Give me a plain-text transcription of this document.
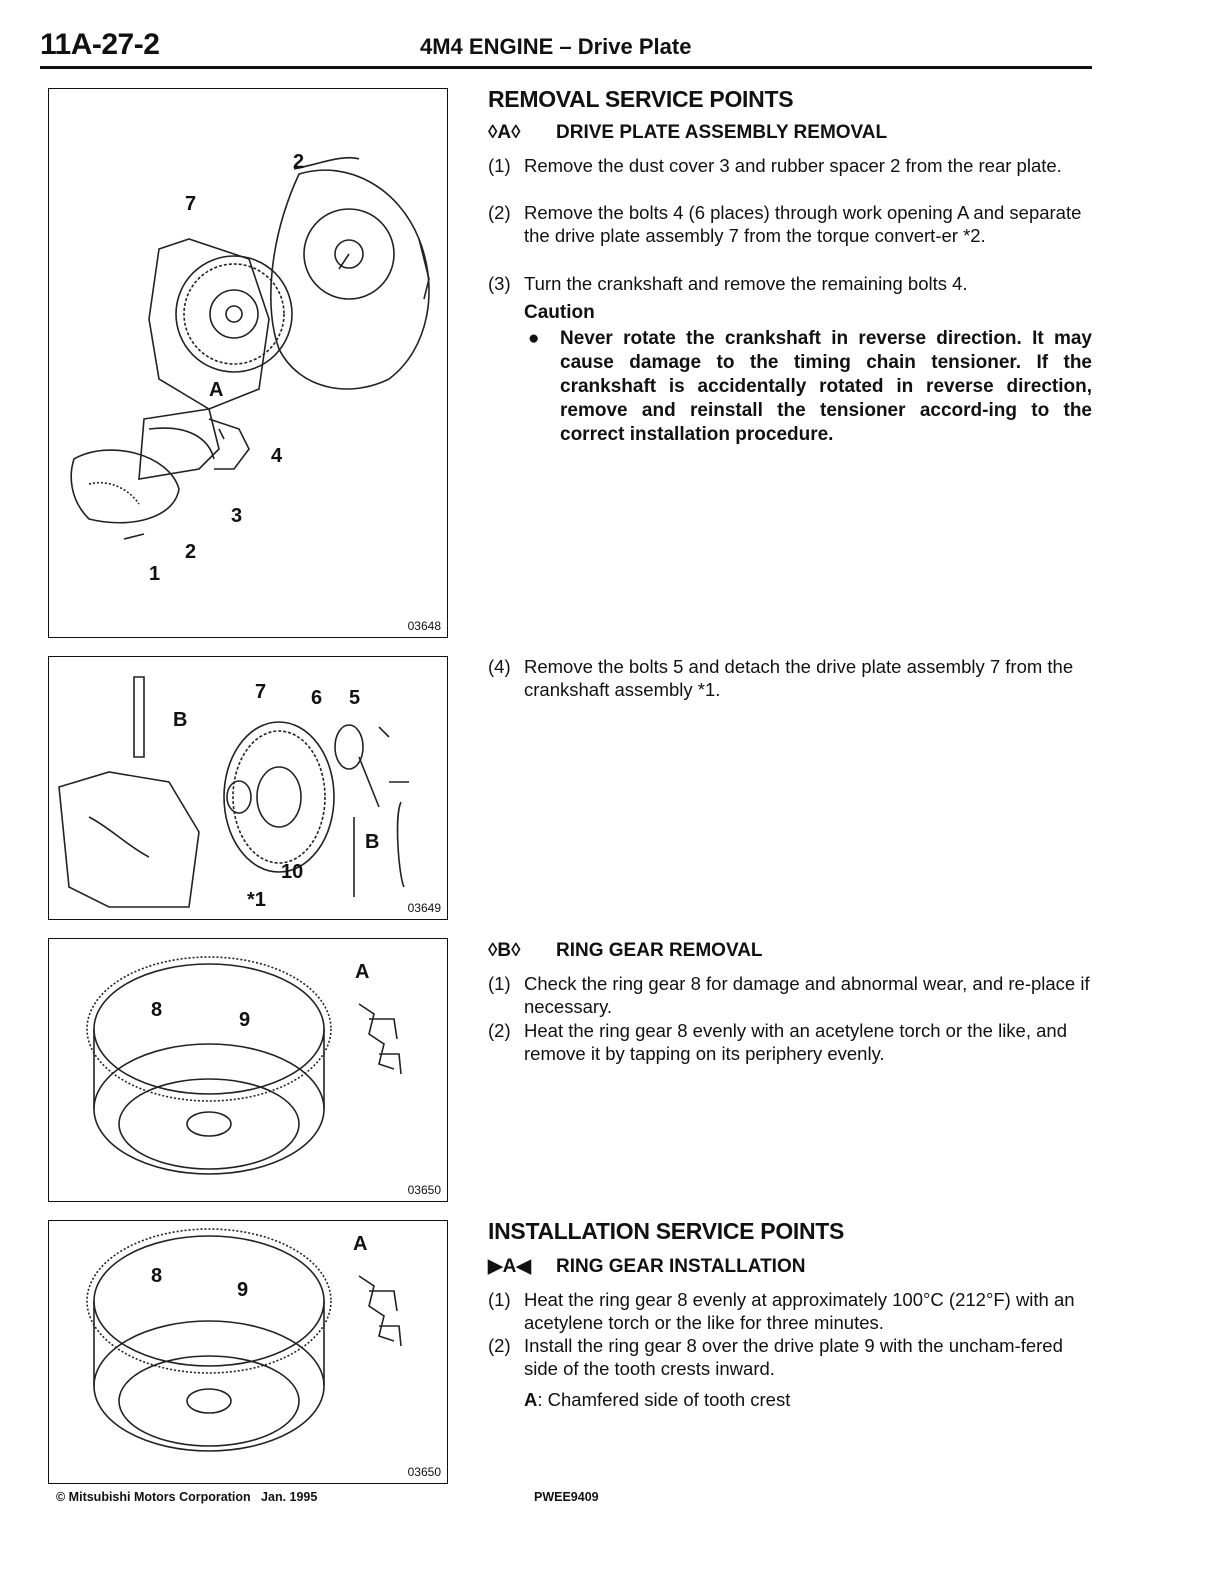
11A-27-2	4M4 ENGINE – Drive Plate
2
7
A
4
3
2
1
03648
B
7 6 5
B
10
*1	03649
A
8	9
03650
A
8
9
03650
REMOVAL SERVICE POINTS
◊A◊ DRIVE PLATE ASSEMBLY REMOVAL
(1) Remove the dust cover 3 and rubber spacer 2 from the rear plate.
(2) Remove the bolts 4 (6 places) through work opening A and separate the drive plate assembly 7 from the torque convert-er *2.
(3) Turn the crankshaft and remove the remaining bolts 4.
Caution
● Never rotate the crankshaft in reverse direction. It may cause damage to the timing chain tensioner. If the crankshaft is accidentally rotated in reverse direction, remove and reinstall the tensioner accord-ing to the correct installation procedure.
(4) Remove the bolts 5 and detach the drive plate assembly 7 from the crankshaft assembly *1.
◊B◊ RING GEAR REMOVAL
(1) Check the ring gear 8 for damage and abnormal wear, and re-place if necessary.
(2) Heat the ring gear 8 evenly with an acetylene torch or the like, and remove it by tapping on its periphery evenly.
INSTALLATION SERVICE POINTS
▶A◀ RING GEAR INSTALLATION
(1) Heat the ring gear 8 evenly at approximately 100°C (212°F) with an acetylene torch or the like for three minutes.
(2) Install the ring gear 8 over the drive plate 9 with the uncham-fered side of the tooth crests inward.
A: Chamfered side of tooth crest
© Mitsubishi Motors Corporation   Jan. 1995	PWEE9409
